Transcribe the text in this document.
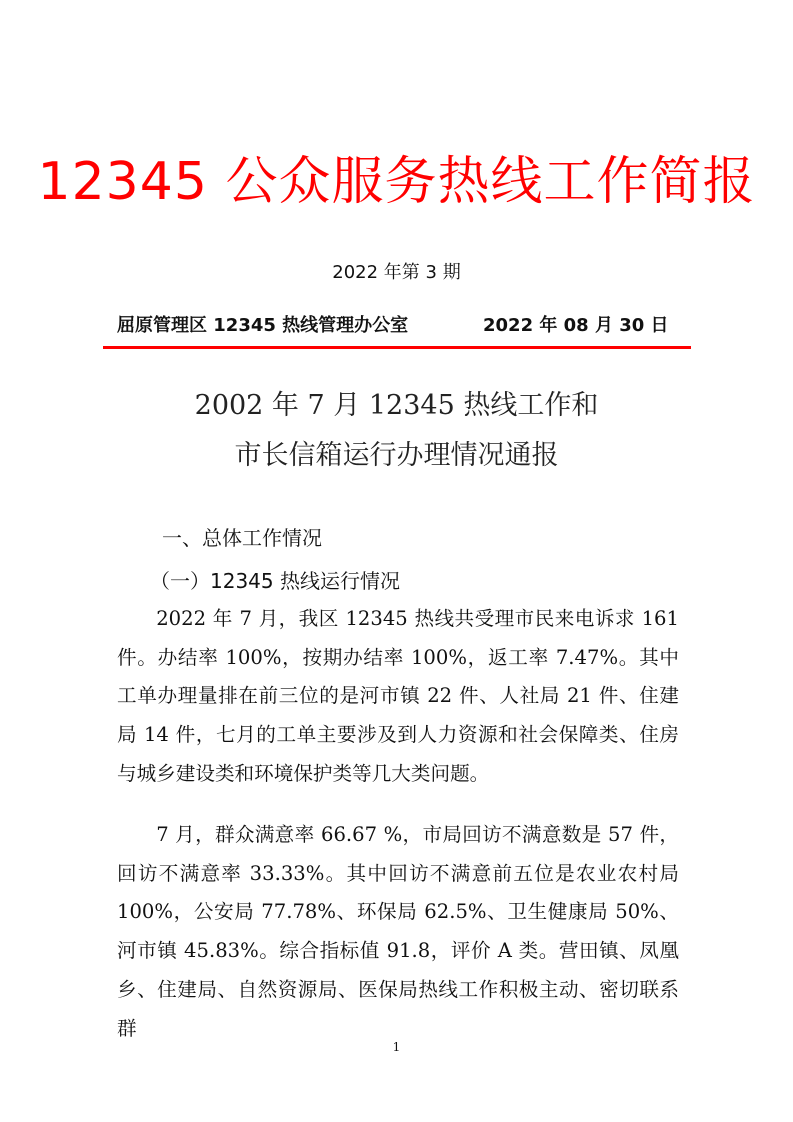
12345 公众服务热线工作简报
2022 年第 3 期
屈原管理区 12345 热线管理办公室	2022 年 08 月 30 日
2002 年 7 月 12345 热线工作和
市长信箱运行办理情况通报
一、总体工作情况
（一）12345 热线运行情况

2022 年 7 月，我区 12345 热线共受理市民来电诉求 161 件。办结率 100%，按期办结率 100%，返工率 7.47%。其中工单办理量排在前三位的是河市镇 22 件、人社局 21 件、住建局 14 件，七月的工单主要涉及到人力资源和社会保障类、住房与城乡建设类和环境保护类等几大类问题。

7 月，群众满意率 66.67 %，市局回访不满意数是 57 件，回访不满意率 33.33%。其中回访不满意前五位是农业农村局 100%，公安局 77.78%、环保局 62.5%、卫生健康局 50%、河市镇 45.83%。综合指标值 91.8，评价 A 类。营田镇、凤凰乡、住建局、自然资源局、医保局热线工作积极主动、密切联系群

1
